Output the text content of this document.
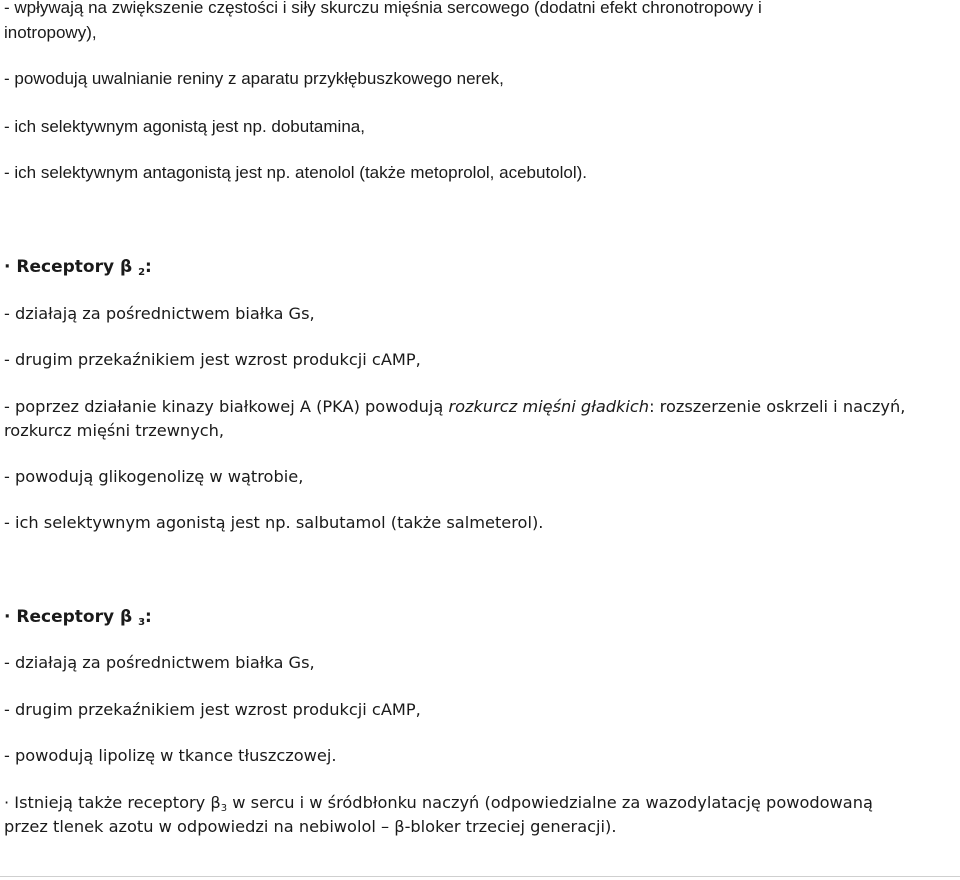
- wpływają na zwiększenie częstości i siły skurczu mięśnia sercowego (dodatni efekt chronotropowy i
inotropowy),
- powodują uwalnianie reniny z aparatu przykłębuszkowego nerek,
- ich selektywnym agonistą jest np. dobutamina,
- ich selektywnym antagonistą jest np. atenolol (także metoprolol, acebutolol).
· Receptory β $_2$:
- działają za pośrednictwem białka Gs,
- drugim przekaźnikiem jest wzrost produkcji cAMP,
- poprzez działanie kinazy białkowej A (PKA) powodują rozkurcz mięśni gładkich: rozszerzenie oskrzeli i naczyń,
rozkurcz mięśni trzewnych,
- powodują glikogenolizę w wątrobie,
- ich selektywnym agonistą jest np. salbutamol (także salmeterol).
· Receptory β $_3$:
- działają za pośrednictwem białka Gs,
- drugim przekaźnikiem jest wzrost produkcji cAMP,
- powodują lipolizę w tkance tłuszczowej.
· Istnieją także receptory $\beta_3$ w sercu i w śródbłonku naczyń (odpowiedzialne za wazodylatację powodowaną
przez tlenek azotu w odpowiedzi na nebiwolol – β-bloker trzeciej generacji).
